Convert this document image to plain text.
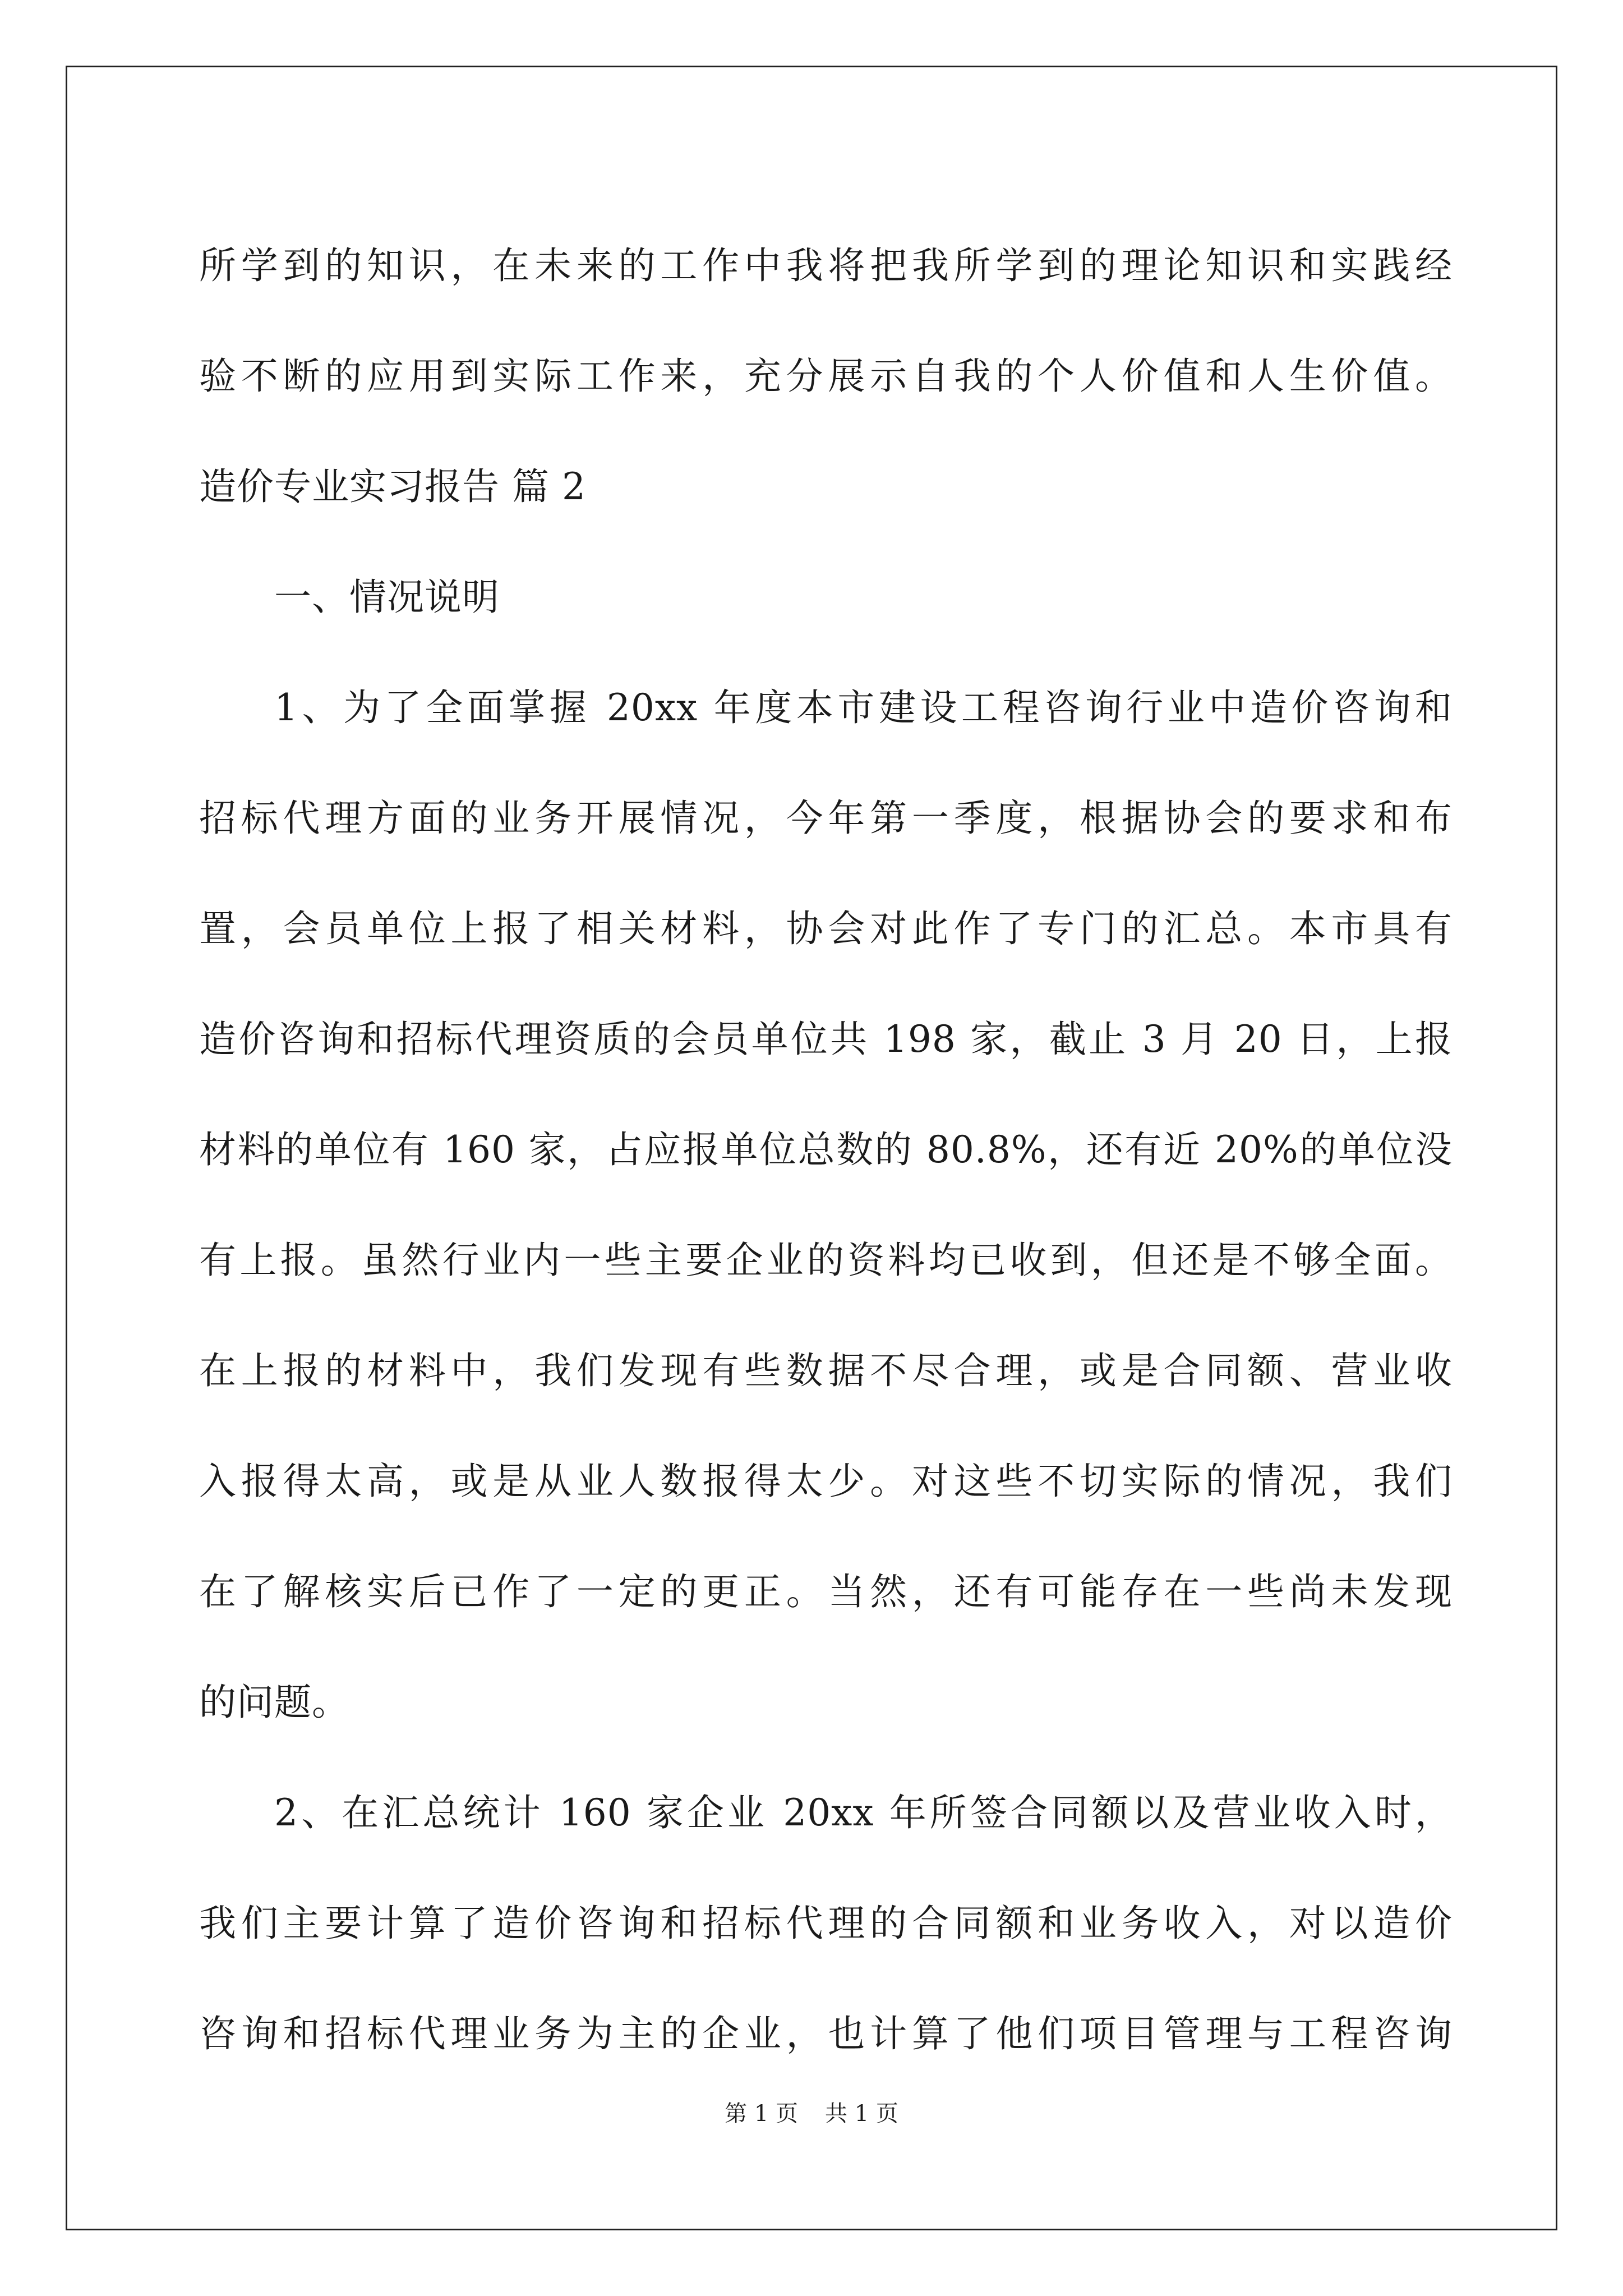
所学到的知识，在未来的工作中我将把我所学到的理论知识和实践经
验不断的应用到实际工作来，充分展示自我的个人价值和人生价值。
造价专业实习报告 篇 2
一、情况说明
1、为了全面掌握 20xx 年度本市建设工程咨询行业中造价咨询和
招标代理方面的业务开展情况，今年第一季度，根据协会的要求和布
置，会员单位上报了相关材料，协会对此作了专门的汇总。本市具有
造价咨询和招标代理资质的会员单位共 198 家，截止 3 月 20 日，上报
材料的单位有 160 家，占应报单位总数的 80.8%，还有近 20%的单位没
有上报。虽然行业内一些主要企业的资料均已收到，但还是不够全面。
在上报的材料中，我们发现有些数据不尽合理，或是合同额、营业收
入报得太高，或是从业人数报得太少。对这些不切实际的情况，我们
在了解核实后已作了一定的更正。当然，还有可能存在一些尚未发现
的问题。
2、在汇总统计 160 家企业 20xx 年所签合同额以及营业收入时，
我们主要计算了造价咨询和招标代理的合同额和业务收入，对以造价
咨询和招标代理业务为主的企业，也计算了他们项目管理与工程咨询
第 1 页 共 1 页
